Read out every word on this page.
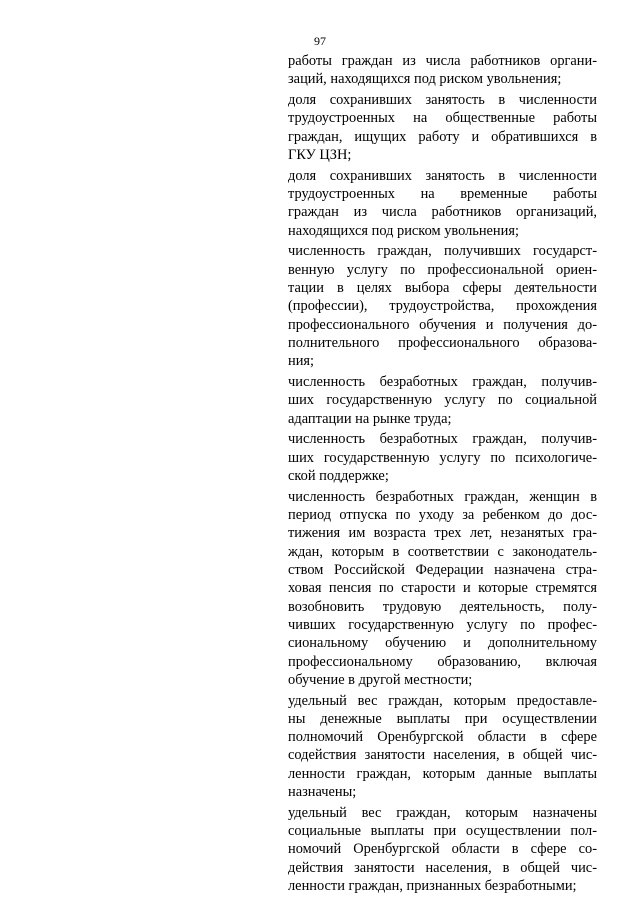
97
работы граждан из числа работников органи-
заций, находящихся под риском увольнения;
доля сохранивших занятость в численности
трудоустроенных на общественные работы
граждан, ищущих работу и обратившихся в
ГКУ ЦЗН;
доля сохранивших занятость в численности
трудоустроенных на временные работы
граждан из числа работников организаций,
находящихся под риском увольнения;
численность граждан, получивших государст-
венную услугу по профессиональной ориен-
тации в целях выбора сферы деятельности
(профессии), трудоустройства, прохождения
профессионального обучения и получения до-
полнительного профессионального образова-
ния;
численность безработных граждан, получив-
ших государственную услугу по социальной
адаптации на рынке труда;
численность безработных граждан, получив-
ших государственную услугу по психологиче-
ской поддержке;
численность безработных граждан, женщин в
период отпуска по уходу за ребенком до дос-
тижения им возраста трех лет, незанятых гра-
ждан, которым в соответствии с законодатель-
ством Российской Федерации назначена стра-
ховая пенсия по старости и которые стремятся
возобновить трудовую деятельность, полу-
чивших государственную услугу по профес-
сиональному обучению и дополнительному
профессиональному образованию, включая
обучение в другой местности;
удельный вес граждан, которым предоставле-
ны денежные выплаты при осуществлении
полномочий Оренбургской области в сфере
содействия занятости населения, в общей чис-
ленности граждан, которым данные выплаты
назначены;
удельный вес граждан, которым назначены
социальные выплаты при осуществлении пол-
номочий Оренбургской области в сфере со-
действия занятости населения, в общей чис-
ленности граждан, признанных безработными;
